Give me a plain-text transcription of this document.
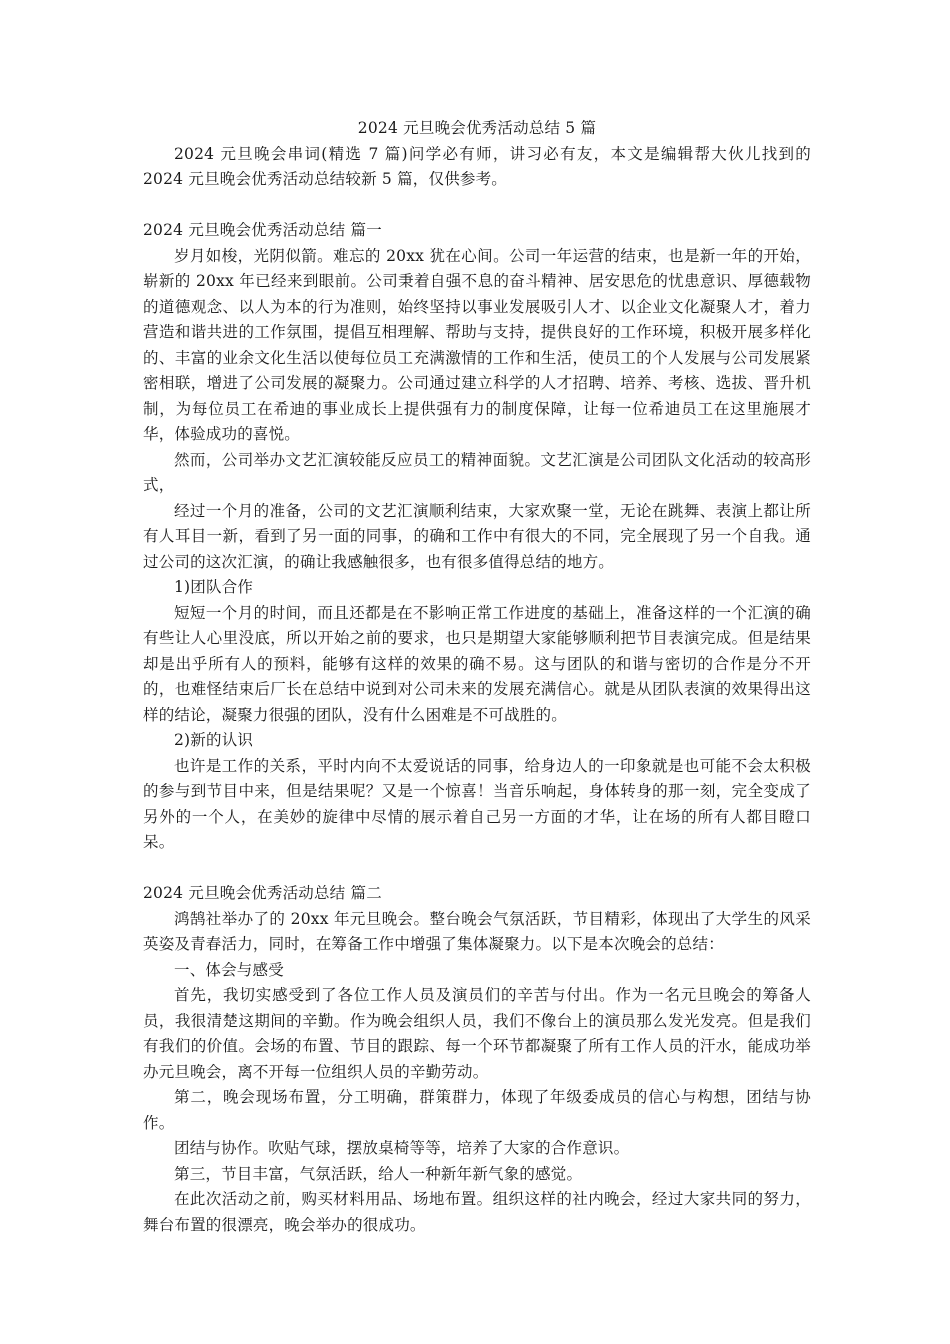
2024 元旦晚会优秀活动总结 5 篇

2024 元旦晚会串词(精选 7 篇)问学必有师，讲习必有友，本文是编辑帮大伙儿找到的 2024 元旦晚会优秀活动总结较新 5 篇，仅供参考。

2024 元旦晚会优秀活动总结 篇一

岁月如梭，光阴似箭。难忘的 20xx 犹在心间。公司一年运营的结束，也是新一年的开始，崭新的 20xx 年已经来到眼前。公司秉着自强不息的奋斗精神、居安思危的忧患意识、厚德载物的道德观念、以人为本的行为准则，始终坚持以事业发展吸引人才、以企业文化凝聚人才，着力营造和谐共进的工作氛围，提倡互相理解、帮助与支持，提供良好的工作环境，积极开展多样化的、丰富的业余文化生活以使每位员工充满激情的工作和生活，使员工的个人发展与公司发展紧密相联，增进了公司发展的凝聚力。公司通过建立科学的人才招聘、培养、考核、选拔、晋升机制，为每位员工在希迪的事业成长上提供强有力的制度保障，让每一位希迪员工在这里施展才华，体验成功的喜悦。

然而，公司举办文艺汇演较能反应员工的精神面貌。文艺汇演是公司团队文化活动的较高形式，

经过一个月的准备，公司的文艺汇演顺利结束，大家欢聚一堂，无论在跳舞、表演上都让所有人耳目一新，看到了另一面的同事，的确和工作中有很大的不同，完全展现了另一个自我。通过公司的这次汇演，的确让我感触很多，也有很多值得总结的地方。

1)团队合作

短短一个月的时间，而且还都是在不影响正常工作进度的基础上，准备这样的一个汇演的确有些让人心里没底，所以开始之前的要求，也只是期望大家能够顺利把节目表演完成。但是结果却是出乎所有人的预料，能够有这样的效果的确不易。这与团队的和谐与密切的合作是分不开的，也难怪结束后厂长在总结中说到对公司未来的发展充满信心。就是从团队表演的效果得出这样的结论，凝聚力很强的团队，没有什么困难是不可战胜的。

2)新的认识

也许是工作的关系，平时内向不太爱说话的同事，给身边人的一印象就是也可能不会太积极的参与到节目中来，但是结果呢？又是一个惊喜！当音乐响起，身体转身的那一刻，完全变成了另外的一个人，在美妙的旋律中尽情的展示着自己另一方面的才华，让在场的所有人都目瞪口呆。

2024 元旦晚会优秀活动总结 篇二

鸿鹄社举办了的 20xx 年元旦晚会。整台晚会气氛活跃，节目精彩，体现出了大学生的风采英姿及青春活力，同时，在筹备工作中增强了集体凝聚力。以下是本次晚会的总结：

一、体会与感受

首先，我切实感受到了各位工作人员及演员们的辛苦与付出。作为一名元旦晚会的筹备人员，我很清楚这期间的辛勤。作为晚会组织人员，我们不像台上的演员那么发光发亮。但是我们有我们的价值。会场的布置、节目的跟踪、每一个环节都凝聚了所有工作人员的汗水，能成功举办元旦晚会，离不开每一位组织人员的辛勤劳动。

第二，晚会现场布置，分工明确，群策群力，体现了年级委成员的信心与构想，团结与协作。

团结与协作。吹贴气球，摆放桌椅等等，培养了大家的合作意识。

第三，节目丰富，气氛活跃，给人一种新年新气象的感觉。

在此次活动之前，购买材料用品、场地布置。组织这样的社内晚会，经过大家共同的努力，舞台布置的很漂亮，晚会举办的很成功。
